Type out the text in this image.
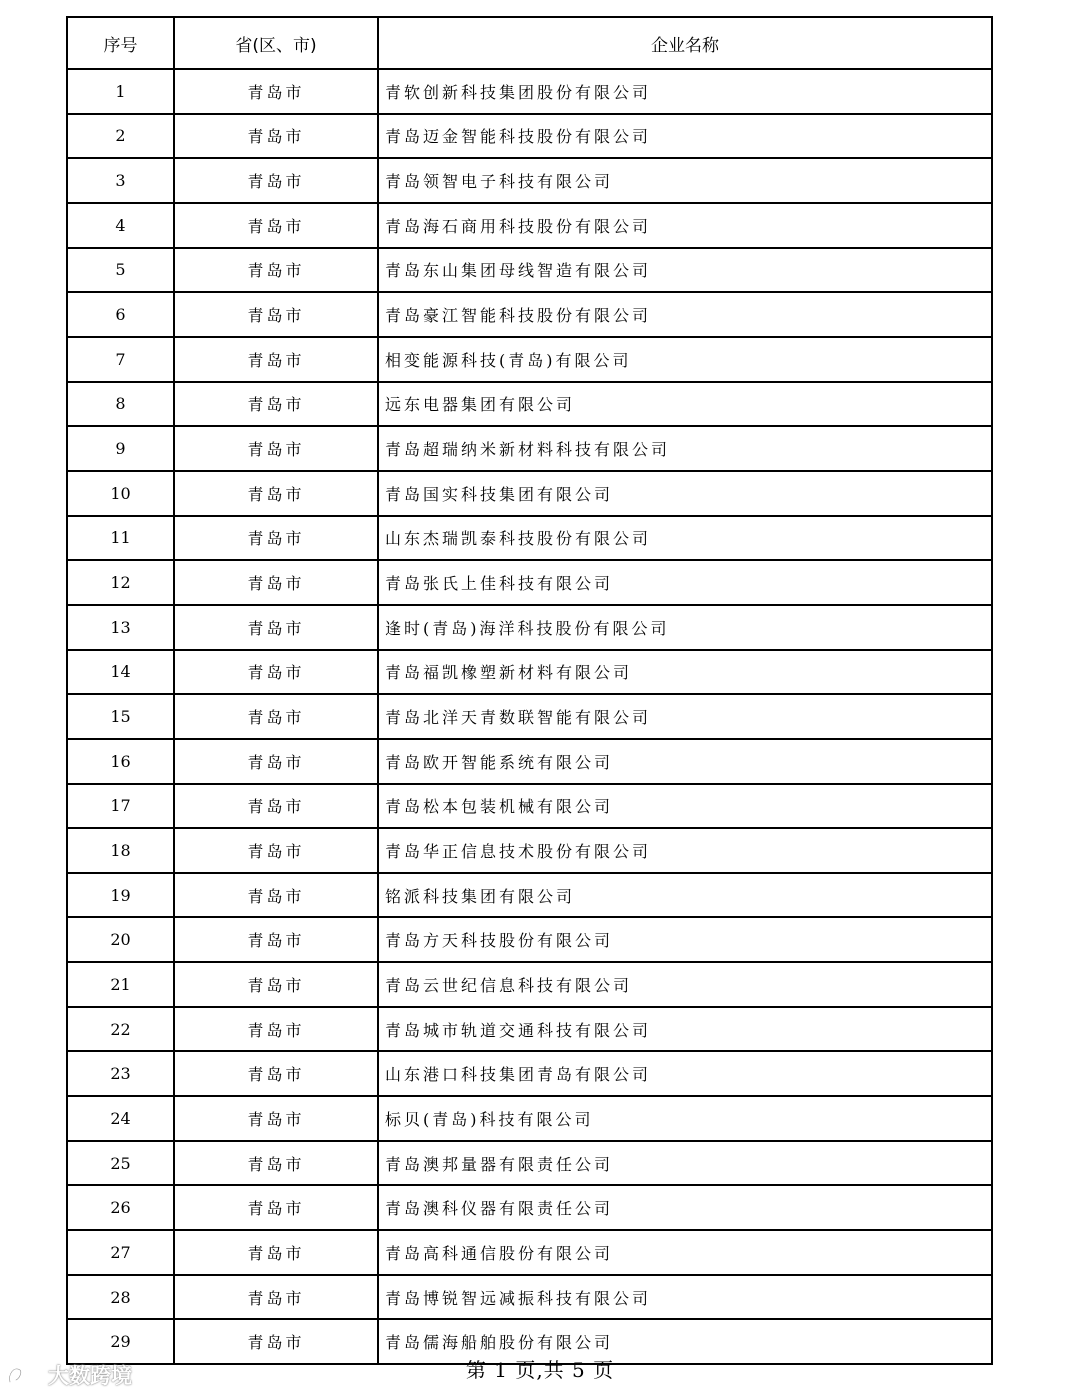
序号	省(区、市)	企业名称
1	青岛市	青软创新科技集团股份有限公司
2	青岛市	青岛迈金智能科技股份有限公司
3	青岛市	青岛领智电子科技有限公司
4	青岛市	青岛海石商用科技股份有限公司
5	青岛市	青岛东山集团母线智造有限公司
6	青岛市	青岛豪江智能科技股份有限公司
7	青岛市	相变能源科技(青岛)有限公司
8	青岛市	远东电器集团有限公司
9	青岛市	青岛超瑞纳米新材料科技有限公司
10	青岛市	青岛国实科技集团有限公司
11	青岛市	山东杰瑞凯泰科技股份有限公司
12	青岛市	青岛张氏上佳科技有限公司
13	青岛市	逢时(青岛)海洋科技股份有限公司
14	青岛市	青岛福凯橡塑新材料有限公司
15	青岛市	青岛北洋天青数联智能有限公司
16	青岛市	青岛欧开智能系统有限公司
17	青岛市	青岛松本包装机械有限公司
18	青岛市	青岛华正信息技术股份有限公司
19	青岛市	铭派科技集团有限公司
20	青岛市	青岛方天科技股份有限公司
21	青岛市	青岛云世纪信息科技有限公司
22	青岛市	青岛城市轨道交通科技有限公司
23	青岛市	山东港口科技集团青岛有限公司
24	青岛市	标贝(青岛)科技有限公司
25	青岛市	青岛澳邦量器有限责任公司
26	青岛市	青岛澳科仪器有限责任公司
27	青岛市	青岛高科通信股份有限公司
28	青岛市	青岛博锐智远减振科技有限公司
29	青岛市	青岛儒海船舶股份有限公司
第 1 页,共 5 页
大数跨境
